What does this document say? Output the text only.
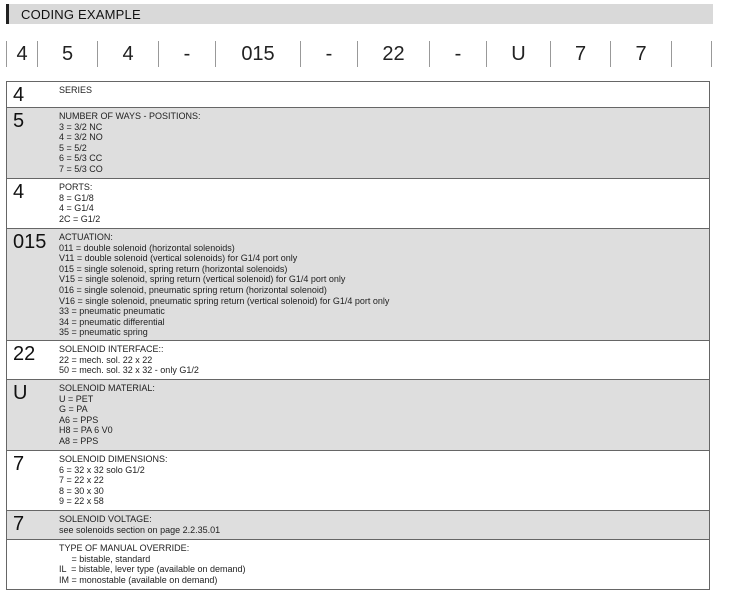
CODING EXAMPLE
4	5	4	-	015	-	22	-	U	7	7
4	SERIES
5	NUMBER OF WAYS - POSITIONS:
3 = 3/2 NC
4 = 3/2 NO
5 = 5/2
6 = 5/3 CC
7 = 5/3 CO
4	PORTS:
8 = G1/8
4 = G1/4
2C = G1/2
015 ACTUATION:
011 = double solenoid (horizontal solenoids)
V11 = double solenoid (vertical solenoids) for G1/4 port only
015 = single solenoid, spring return (horizontal solenoids)
V15 = single solenoid, spring return (vertical solenoid) for G1/4 port only
016 = single solenoid, pneumatic spring return (horizontal solenoid)
V16 = single solenoid, pneumatic spring return (vertical solenoid) for G1/4 port only
33 = pneumatic pneumatic
34 = pneumatic differential
35 = pneumatic spring
22	SOLENOID INTERFACE::
22 = mech. sol. 22 x 22
50 = mech. sol. 32 x 32 - only G1/2
U	SOLENOID MATERIAL:
U = PET
G = PA
A6 = PPS
H8 = PA 6 V0
A8 = PPS
7	SOLENOID DIMENSIONS:
6 = 32 x 32 solo G1/2
7 = 22 x 22
8 = 30 x 30
9 = 22 x 58
7	SOLENOID VOLTAGE:
see solenoids section on page 2.2.35.01
TYPE OF MANUAL OVERRIDE:
= bistable, standard
IL  = bistable, lever type (available on demand)
IM = monostable (available on demand)
